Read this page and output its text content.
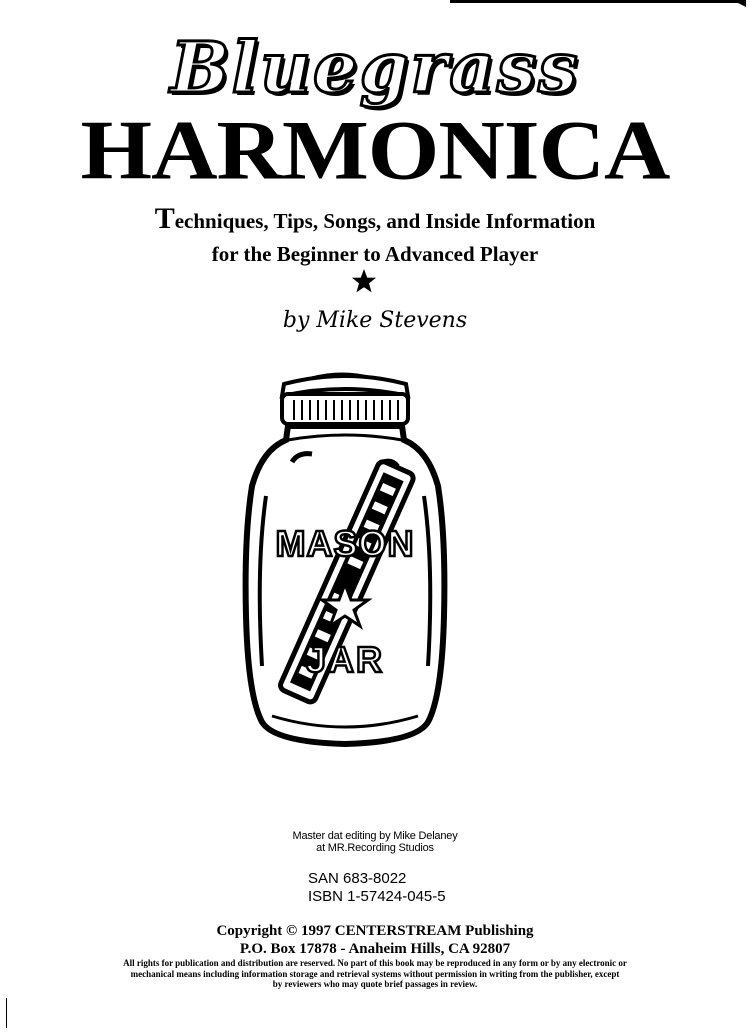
Bluegrass
HARMONICA
Techniques, Tips, Songs, and Inside Information
for the Beginner to Advanced Player
by Mike Stevens
MASON
JAR
Master dat editing by Mike Delaney
at MR.Recording Studios
SAN 683-8022
ISBN 1-57424-045-5
Copyright © 1997 CENTERSTREAM Publishing
P.O. Box 17878 - Anaheim Hills, CA 92807
All rights for publication and distribution are reserved. No part of this book may be reproduced in any form or by any electronic or
mechanical means including information storage and retrieval systems without permission in writing from the publisher, except
by reviewers who may quote brief passages in review.
